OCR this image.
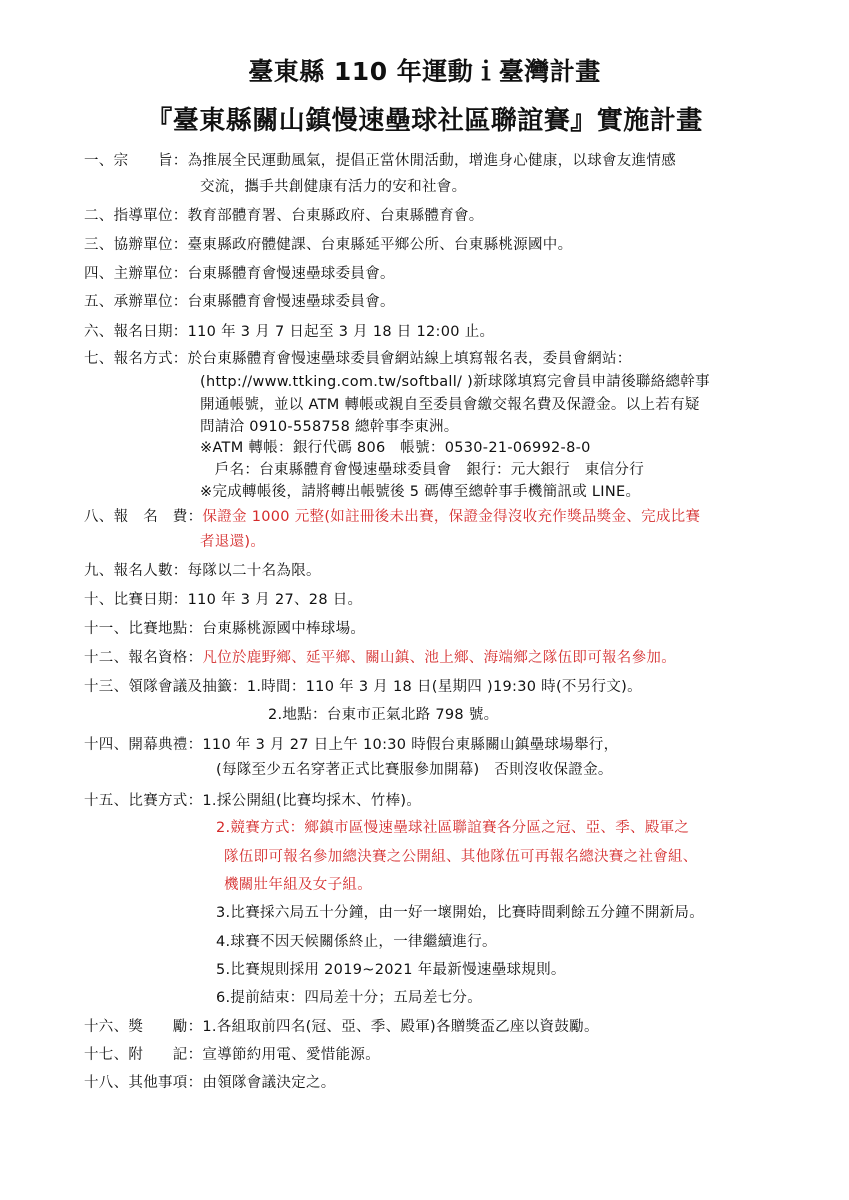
臺東縣 110 年運動ｉ臺灣計畫
『臺東縣關山鎮慢速壘球社區聯誼賽』實施計畫
一、宗　　旨：為推展全民運動風氣，提倡正當休閒活動，增進身心健康，以球會友進情感
交流，攜手共創健康有活力的安和社會。
二、指導單位：教育部體育署、台東縣政府、台東縣體育會。
三、協辦單位：臺東縣政府體健課、台東縣延平鄉公所、台東縣桃源國中。
四、主辦單位：台東縣體育會慢速壘球委員會。
五、承辦單位：台東縣體育會慢速壘球委員會。
六、報名日期：110 年 3 月 7 日起至 3 月 18 日 12:00 止。
七、報名方式：於台東縣體育會慢速壘球委員會網站線上填寫報名表，委員會網站：
(http://www.ttking.com.tw/softball/ )新球隊填寫完會員申請後聯絡總幹事
開通帳號，並以 ATM 轉帳或親自至委員會繳交報名費及保證金。以上若有疑
問請洽 0910-558758 總幹事李東洲。
※ATM 轉帳：銀行代碼 806　帳號：0530-21-06992-8-0
　戶名：台東縣體育會慢速壘球委員會　銀行：元大銀行　東信分行
※完成轉帳後，請將轉出帳號後 5 碼傳至總幹事手機簡訊或 LINE。
八、報　名　費：保證金 1000 元整(如註冊後未出賽，保證金得沒收充作獎品獎金、完成比賽
者退還)。
九、報名人數：每隊以二十名為限。
十、比賽日期：110 年 3 月 27、28 日。
十一、比賽地點：台東縣桃源國中棒球場。
十二、報名資格：凡位於鹿野鄉、延平鄉、關山鎮、池上鄉、海端鄉之隊伍即可報名參加。
十三、領隊會議及抽籤：1.時間：110 年 3 月 18 日(星期四 )19:30 時(不另行文)。
2.地點：台東市正氣北路 798 號。
十四、開幕典禮：110 年 3 月 27 日上午 10:30 時假台東縣關山鎮壘球場舉行，
(每隊至少五名穿著正式比賽服參加開幕)　否則沒收保證金。
十五、比賽方式：1.採公開組(比賽均採木、竹棒)。
2.競賽方式：鄉鎮市區慢速壘球社區聯誼賽各分區之冠、亞、季、殿軍之
隊伍即可報名參加總決賽之公開組、其他隊伍可再報名總決賽之社會組、
機關壯年組及女子組。
3.比賽採六局五十分鐘，由一好一壞開始，比賽時間剩餘五分鐘不開新局。
4.球賽不因天候關係終止，一律繼續進行。
5.比賽規則採用 2019~2021 年最新慢速壘球規則。
6.提前結束：四局差十分；五局差七分。
十六、獎　　勵：1.各組取前四名(冠、亞、季、殿軍)各贈獎盃乙座以資鼓勵。
十七、附　　記：宣導節約用電、愛惜能源。
十八、其他事項：由領隊會議決定之。
